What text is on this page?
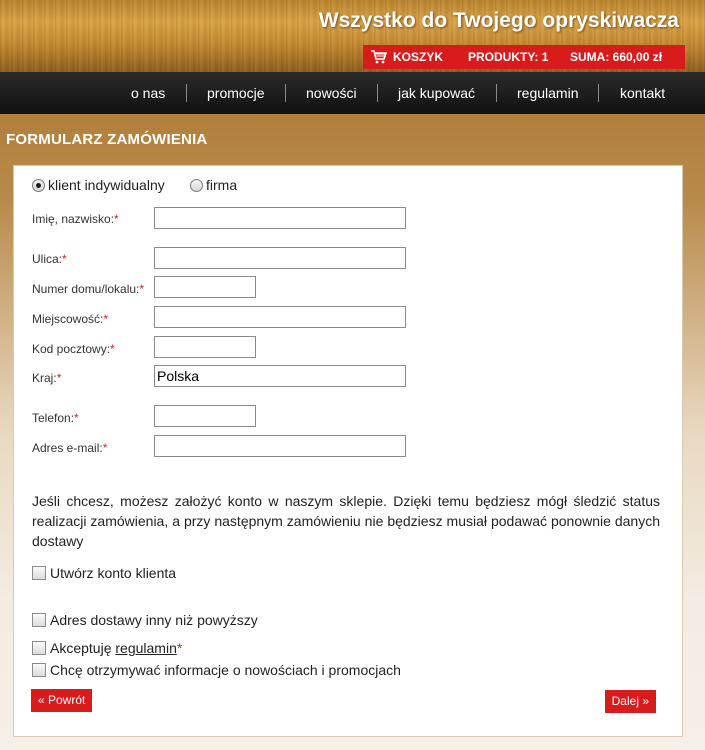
Wszystko do Twojego opryskiwacza
KOSZYK PRODUKTY: 1 SUMA: 660,00 zł
o nas	promocje	nowości	jak kupować	regulamin	kontakt
FORMULARZ ZAMÓWIENIA
klient indywidualny	firma
Imię, nazwisko:*
Ulica:*
Numer domu/lokalu:*
Miejscowość:*
Kod pocztowy:*
Kraj:*
Polska
Telefon:*
Adres e-mail:*
Jeśli chcesz, możesz założyć konto w naszym sklepie. Dzięki temu będziesz mógł śledzić status realizacji zamówienia, a przy następnym zamówieniu nie będziesz musiał podawać ponownie danych dostawy
Utwórz konto klienta
Adres dostawy inny niż powyższy
Akceptuję
regulamin *
Chcę otrzymywać informacje o nowościach i promocjach
« Powrót	Dalej »
